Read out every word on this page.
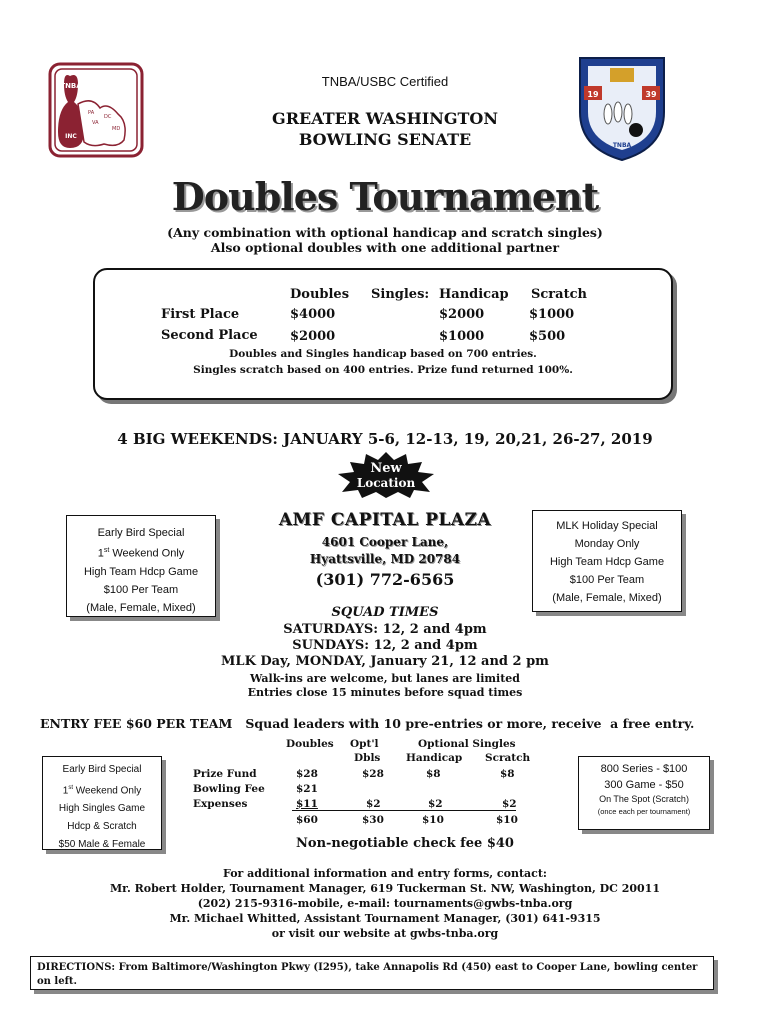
TNBA
INC
PA
VA
DC
MD
TNBA/USBC Certified
GREATER WASHINGTON
BOWLING SENATE
19	39
TNBA
Doubles Tournament
(Any combination with optional handicap and scratch singles)
Also optional doubles with one additional partner
Doubles Singles: Handicap Scratch
First Place	$4000	$2000	$1000
Second Place $2000	$1000	$500
Doubles and Singles handicap based on 700 entries.
Singles scratch based on 400 entries. Prize fund returned 100%.
4 BIG WEEKENDS: JANUARY 5-6, 12-13, 19, 20,21, 26-27, 2019
New
Location
AMF CAPITAL PLAZA
4601 Cooper Lane,
Hyattsville, MD 20784
(301) 772-6565
Early Bird Special
1st Weekend Only
High Team Hdcp Game
$100 Per Team
(Male, Female, Mixed)
MLK Holiday Special
Monday Only
High Team Hdcp Game
$100 Per Team
(Male, Female, Mixed)
SQUAD TIMES
SATURDAYS: 12, 2 and 4pm
SUNDAYS: 12, 2 and 4pm
MLK Day, MONDAY, January 21, 12 and 2 pm
Walk-ins are welcome, but lanes are limited
Entries close 15 minutes before squad times
ENTRY FEE $60 PER TEAM   Squad leaders with 10 pre-entries or more, receive  a free entry.
Doubles Opt'l
Dbls
Optional Singles
Handicap Scratch
Prize Fund	$28	$28	$8	$8
Bowling Fee	$21
Expenses	$11	$2	$2	$2
$60	$30	$10	$10
Early Bird Special
1st Weekend Only
High Singles Game
Hdcp & Scratch
$50 Male & Female
800 Series - $100
300 Game - $50
On The Spot (Scratch)
(once each per tournament)
Non-negotiable check fee $40
For additional information and entry forms, contact:
Mr. Robert Holder, Tournament Manager, 619 Tuckerman St. NW, Washington, DC 20011
(202) 215-9316-mobile, e-mail: tournaments@gwbs-tnba.org
Mr. Michael Whitted, Assistant Tournament Manager, (301) 641-9315
or visit our website at gwbs-tnba.org
DIRECTIONS: From Baltimore/Washington Pkwy (I295), take Annapolis Rd (450) east to Cooper Lane, bowling center on left.
